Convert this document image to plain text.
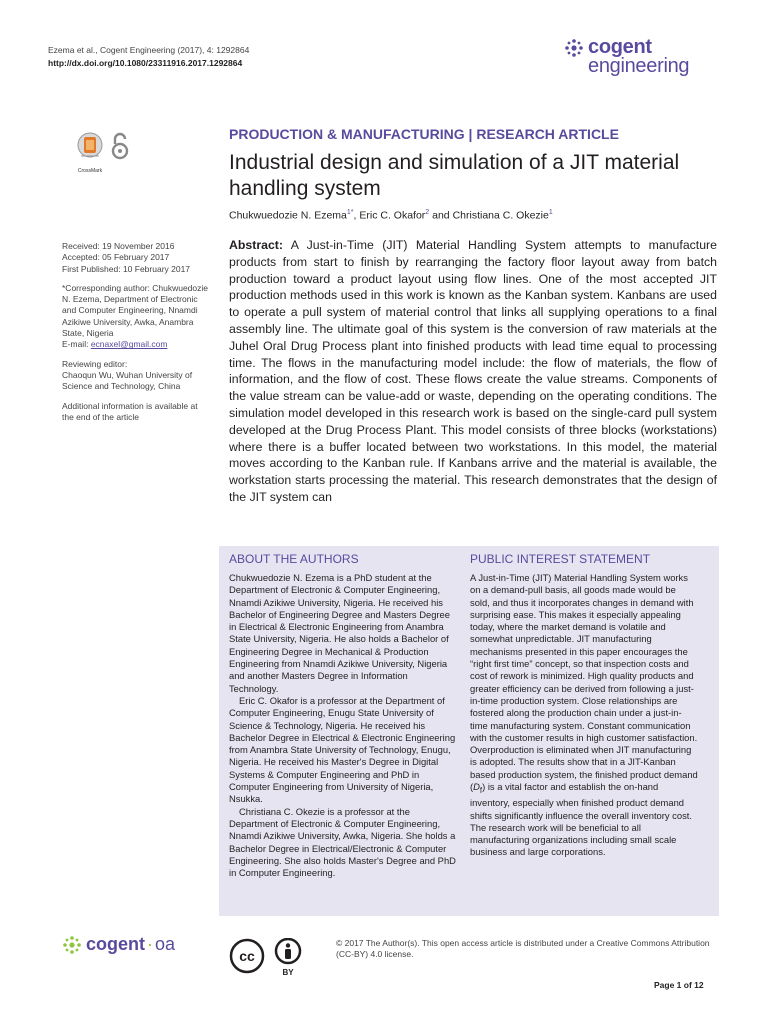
Ezema et al., Cogent Engineering (2017), 4: 1292864
http://dx.doi.org/10.1080/23311916.2017.1292864
cogent
engineering
CrossMark
PRODUCTION & MANUFACTURING | RESEARCH ARTICLE
Industrial design and simulation of a JIT material handling system
Chukwuedozie N. Ezema$^{1*}$, Eric C. Okafor$^2$ and Christiana C. Okezie$^1$

Received: 19 November 2016
Accepted: 05 February 2017
First Published: 10 February 2017

*Corresponding author: Chukwuedozie N. Ezema, Department of Electronic and Computer Engineering, Nnamdi Azikiwe University, Awka, Anambra State, Nigeria
E-mail: ecnaxel@gmail.com

Reviewing editor:
Chaoqun Wu, Wuhan University of Science and Technology, China

Additional information is available at the end of the article

Abstract: A Just-in-Time (JIT) Material Handling System attempts to manufacture products from start to finish by rearranging the factory floor layout away from batch production toward a product layout using flow lines. One of the most accepted JIT production methods used in this work is known as the Kanban system. Kanbans are used to operate a pull system of material control that links all supplying operations to a final assembly line. The ultimate goal of this system is the conversion of raw materials at the Juhel Oral Drug Process plant into finished products with lead time equal to processing time. The flows in the manufacturing model include: the flow of materials, the flow of information, and the flow of cost. These flows create the value streams. Components of the value stream can be value-add or waste, depending on the operating conditions. The simulation model developed in this research work is based on the single-card pull system developed at the Drug Process Plant. This model consists of three blocks (workstations) where there is a buffer located between two workstations. In this model, the material moves according to the Kanban rule. If Kanbans arrive and the material is available, the workstation starts processing the material. This research demonstrates that the design of the JIT system can
ABOUT THE AUTHORS	PUBLIC INTEREST STATEMENT

Chukwuedozie N. Ezema is a PhD student at the Department of Electronic & Computer Engineering, Nnamdi Azikiwe University, Nigeria. He received his Bachelor of Engineering Degree and Masters Degree in Electrical & Electronic Engineering from Anambra State University, Nigeria. He also holds a Bachelor of Engineering Degree in Mechanical & Production Engineering from Nnamdi Azikiwe University, Nigeria and another Masters Degree in Information Technology.

Eric C. Okafor is a professor at the Department of Computer Engineering, Enugu State University of Science & Technology, Nigeria. He received his Bachelor Degree in Electrical & Electronic Engineering from Anambra State University of Technology, Enugu, Nigeria. He received his Master's Degree in Digital Systems & Computer Engineering and PhD in Computer Engineering from University of Nigeria, Nsukka.

Christiana C. Okezie is a professor at the Department of Electronic & Computer Engineering, Nnamdi Azikiwe University, Awka, Nigeria. She holds a Bachelor Degree in Electrical/Electronic & Computer Engineering. She also holds Master's Degree and PhD in Computer Engineering.

A Just-in-Time (JIT) Material Handling System works on a demand-pull basis, all goods made would be sold, and thus it incorporates changes in demand with surprising ease. This makes it especially appealing today, where the market demand is volatile and somewhat unpredictable. JIT manufacturing mechanisms presented in this paper encourages the “right first time” concept, so that inspection costs and cost of rework is minimized. High quality products and greater efficiency can be derived from following a just-in-time production system. Close relationships are fostered along the production chain under a just-in-time manufacturing system. Constant communication with the customer results in high customer satisfaction. Overproduction is eliminated when JIT manufacturing is adopted. The results show that in a JIT-Kanban based production system, the finished product demand $(D_f)$ is a vital factor and establish the on-hand inventory, especially when finished product demand shifts significantly influence the overall inventory cost. The research work will be beneficial to all manufacturing organizations including small scale business and large corporations.

cogent · oa
cc
BY
© 2017 The Author(s). This open access article is distributed under a Creative Commons Attribution (CC-BY) 4.0 license.
Page 1 of 12
